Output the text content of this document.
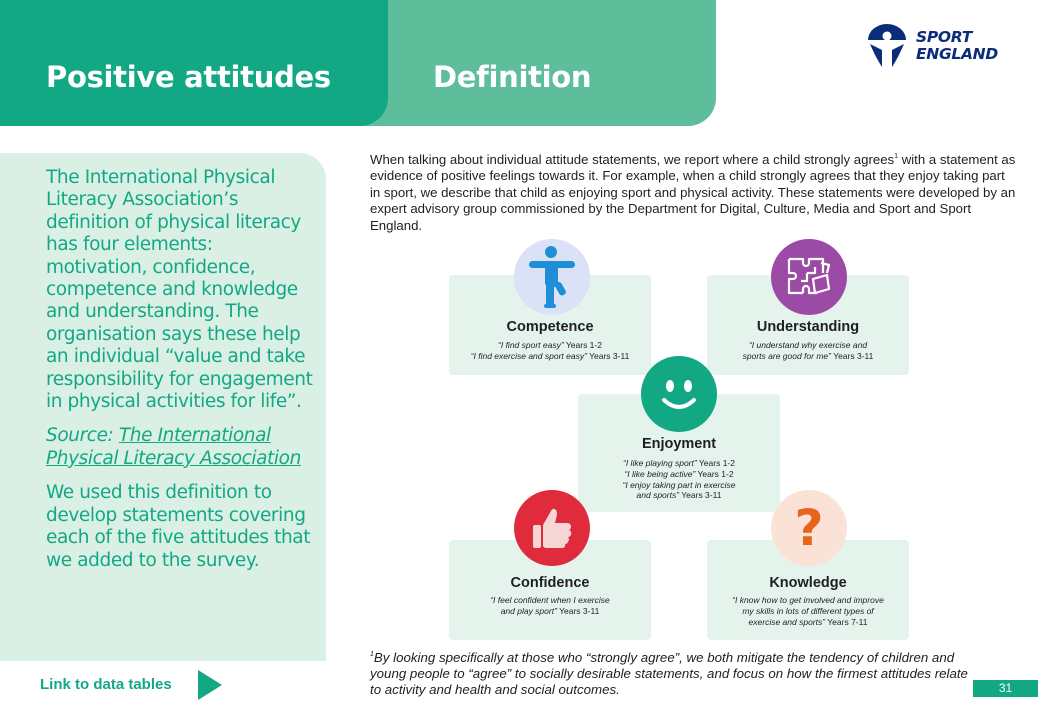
Definition
Positive attitudes
SPORT
ENGLAND

The International Physical Literacy Association’s definition of physical literacy has four elements: motivation, confidence, competence and knowledge and understanding. The organisation says these help an individual “value and take responsibility for engagement in physical activities for life”.

Source: The International Physical Literacy Association

We used this definition to develop statements covering each of the five attitudes that we added to the survey.

Link to data tables
When talking about individual attitude statements, we report where a child strongly agrees$^1$ with a statement as evidence of positive feelings towards it. For example, when a child strongly agrees that they enjoy taking part in sport, we describe that child as enjoying sport and physical activity. These statements were developed by an expert advisory group commissioned by the Department for Digital, Culture, Media and Sport and Sport England.
Competence
“I find sport easy” Years 1-2
“I find exercise and sport easy” Years 3-11
Understanding
“I understand why exercise and
sports are good for me” Years 3-11
Enjoyment
“I like playing sport” Years 1-2
“I like being active” Years 1-2
“I enjoy taking part in exercise
and sports” Years 3-11
Confidence
“I feel confident when I exercise
and play sport” Years 3-11
Knowledge
“I know how to get involved and improve
my skills in lots of different types of
exercise and sports” Years 7-11
?
$^1$By looking specifically at those who “strongly agree”, we both mitigate the tendency of children and young people to “agree” to socially desirable statements, and focus on how the firmest attitudes relate to activity and health and social outcomes.	31
